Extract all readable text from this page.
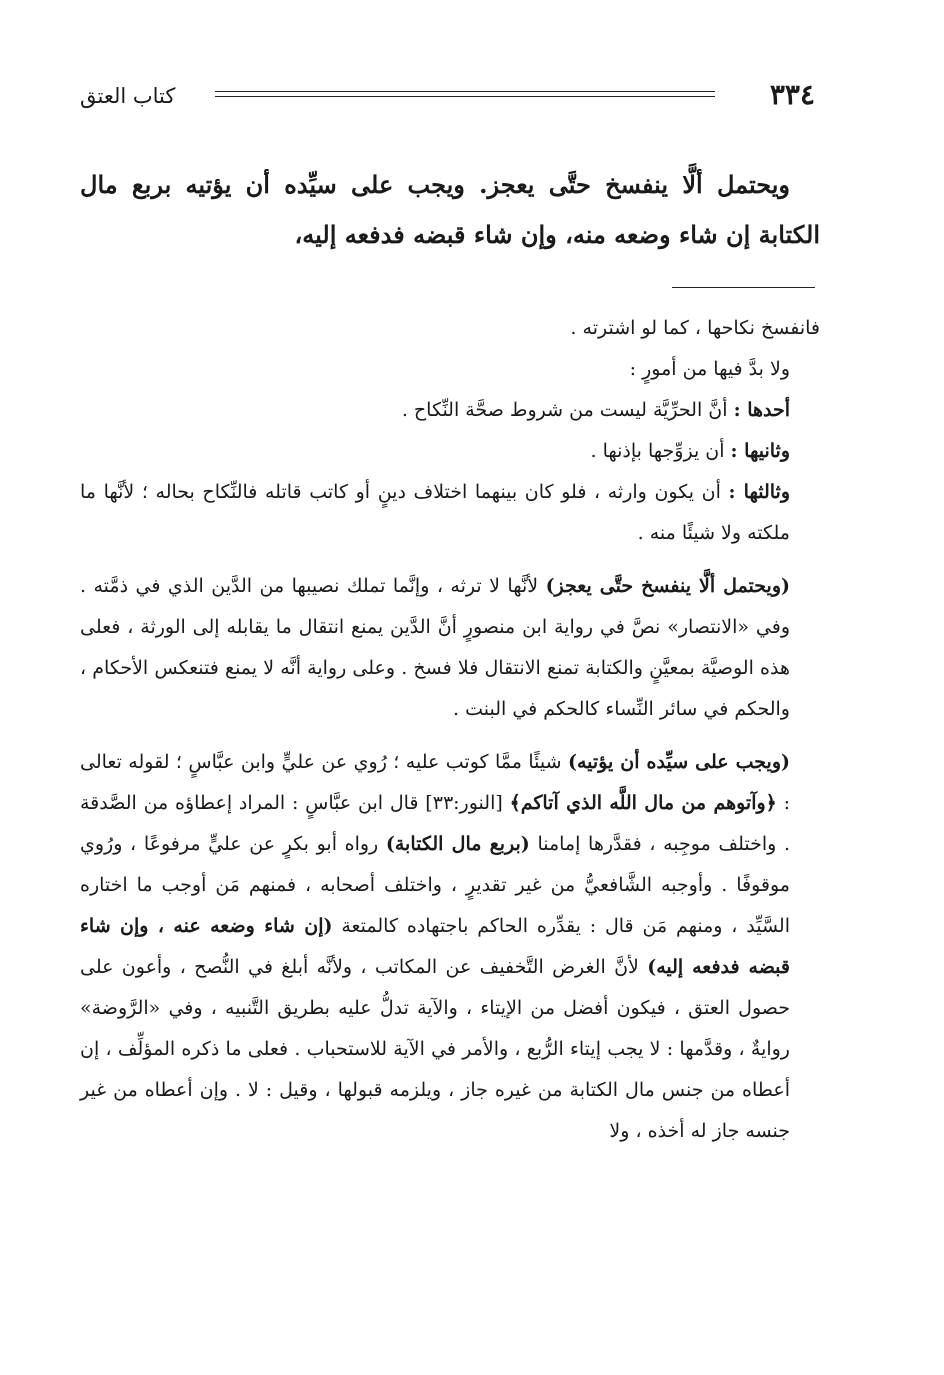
كتاب العتق	٣٣٤
ويحتمل ألَّا ينفسخ حتَّى يعجز. ويجب على سيِّده أن يؤتيه بربع مال الكتابة إن شاء وضعه منه، وإن شاء قبضه فدفعه إليه،

فانفسخ نكاحها ، كما لو اشترته .

ولا بدَّ فيها من أمورٍ :

أحدها : أنَّ الحرِّيَّة ليست من شروط صحَّة النِّكاح .

وثانيها : أن يزوِّجها بإذنها .

وثالثها : أن يكون وارثه ، فلو كان بينهما اختلاف دينٍ أو كاتب قاتله فالنِّكاح بحاله ؛ لأنَّها ما ملكته ولا شيئًا منه .

(ويحتمل ألَّا ينفسخ حتَّى يعجز) لأنَّها لا ترثه ، وإنَّما تملك نصيبها من الدَّين الذي في ذمَّته . وفي «الانتصار» نصَّ في رواية ابن منصورٍ أنَّ الدَّين يمنع انتقال ما يقابله إلى الورثة ، فعلى هذه الوصيَّة بمعيَّنٍ والكتابة تمنع الانتقال فلا فسخ . وعلى رواية أنَّه لا يمنع فتنعكس الأحكام ، والحكم في سائر النِّساء كالحكم في البنت .

(ويجب على سيِّده أن يؤتيه) شيئًا ممَّا كوتب عليه ؛ رُوي عن عليٍّ وابن عبَّاسٍ ؛ لقوله تعالى : ﴿وآتوهم من مال اللَّه الذي آتاكم﴾ [النور:٣٣] قال ابن عبَّاسٍ : المراد إعطاؤه من الصَّدقة . واختلف موجِبه ، فقدَّرها إمامنا (بربع مال الكتابة) رواه أبو بكرٍ عن عليٍّ مرفوعًا ، ورُوي موقوفًا . وأوجبه الشَّافعيُّ من غير تقديرٍ ، واختلف أصحابه ، فمنهم مَن أوجب ما اختاره السَّيِّد ، ومنهم مَن قال : يقدِّره الحاكم باجتهاده كالمتعة (إن شاء وضعه عنه ، وإن شاء قبضه فدفعه إليه) لأنَّ الغرض التَّخفيف عن المكاتب ، ولأنَّه أبلغ في النُّصح ، وأعون على حصول العتق ، فيكون أفضل من الإيتاء ، والآية تدلُّ عليه بطريق التَّنبيه ، وفي «الرَّوضة» روايةٌ ، وقدَّمها : لا يجب إيتاء الرُّبع ، والأمر في الآية للاستحباب . فعلى ما ذكره المؤلِّف ، إن أعطاه من جنس مال الكتابة من غيره جاز ، ويلزمه قبولها ، وقيل : لا . وإن أعطاه من غير جنسه جاز له أخذه ، ولا
